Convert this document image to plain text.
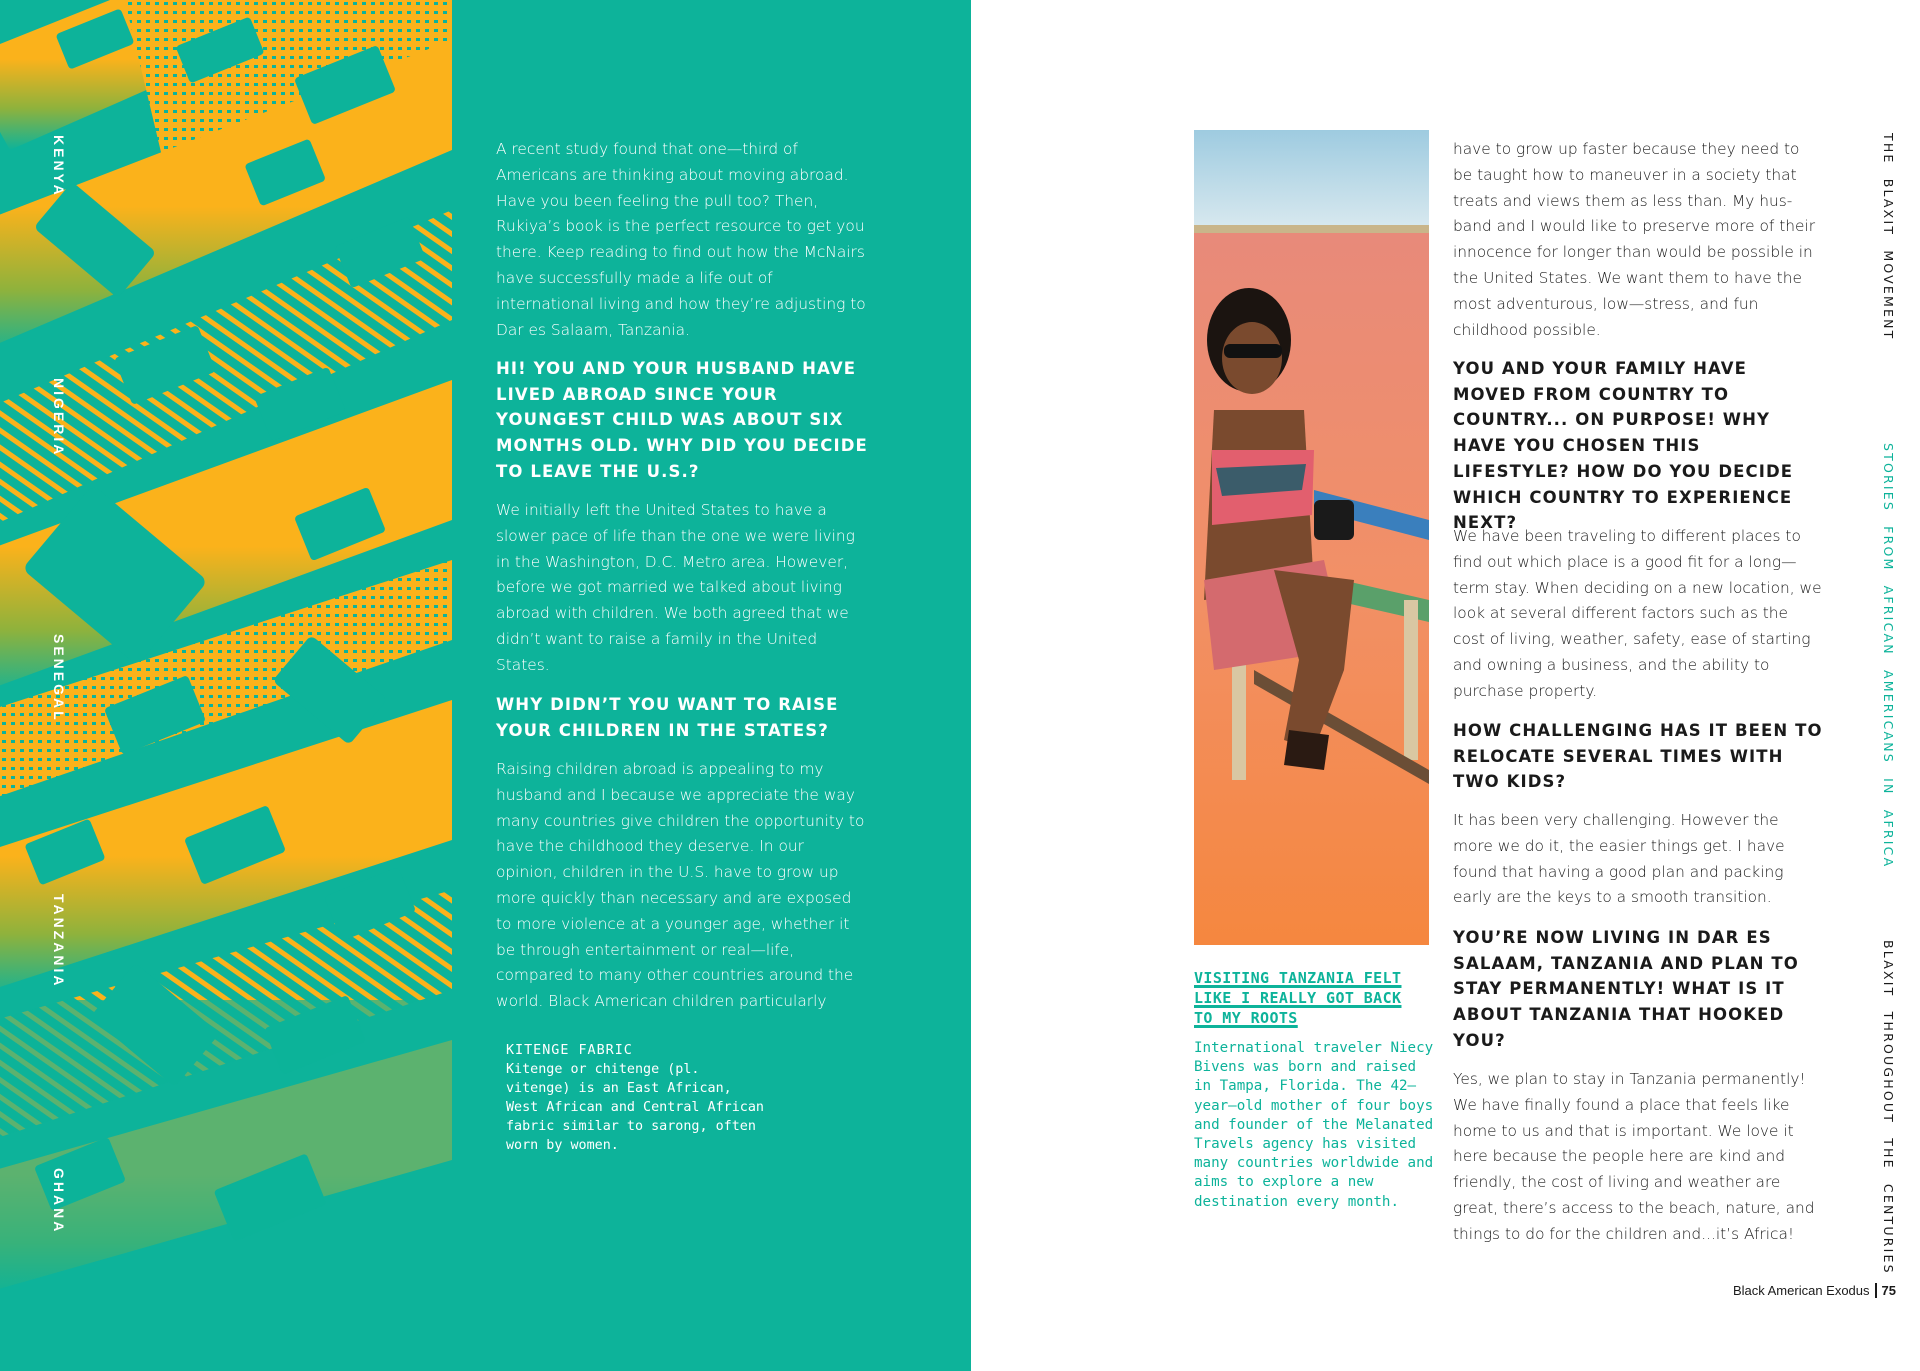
KENYA
NIGERIA
SENEGAL
TANZANIA
GHANA

A recent study found that one—third of Americans are thinking about moving abroad. Have you been feeling the pull too? Then, Rukiya’s book is the perfect resource to get you there. Keep reading to find out how the McNairs have successfully made a life out of international living and how they’re adjusting to Dar es Salaam, Tanzania.

HI! YOU AND YOUR HUSBAND HAVE LIVED ABROAD SINCE YOUR YOUNGEST CHILD WAS ABOUT SIX MONTHS OLD. WHY DID YOU DECIDE TO LEAVE THE U.S.?

We initially left the United States to have a slower pace of life than the one we were living in the Washington, D.C. Metro area. However, before we got married we talked about living abroad with children. We both agreed that we didn’t want to raise a family in the United States.

WHY DIDN’T YOU WANT TO RAISE YOUR CHILDREN IN THE STATES?

Raising children abroad is appealing to my husband and I because we appreciate the way many countries give children the opportunity to have the childhood they deserve. In our opinion, children in the U.S. have to grow up more quickly than necessary and are exposed to more violence at a younger age, whether it be through entertainment or real—life, compared to many other countries around the world. Black American children particularly

KITENGE FABRIC
Kitenge or chitenge (pl. vitenge) is an East African, West African and Central African fabric similar to sarong, often worn by women.
VISITING TANZANIA FELT LIKE I REALLY GOT BACK TO MY ROOTS

International traveler Niecy Bivens was born and raised in Tampa, Florida. The 42—year—old mother of four boys and founder of the Melanated Travels agency has visited many countries worldwide and aims to explore a new destination every month.

have to grow up faster because they need to be taught how to maneuver in a society that treats and views them as less than. My hus-band and I would like to preserve more of their innocence for longer than would be possible in the United States. We want them to have the most adventurous, low—stress, and fun childhood possible.

YOU AND YOUR FAMILY HAVE MOVED FROM COUNTRY TO COUNTRY... ON PURPOSE! WHY HAVE YOU CHOSEN THIS LIFESTYLE? HOW DO YOU DECIDE WHICH COUNTRY TO EXPERIENCE NEXT?

We have been traveling to different places to find out which place is a good fit for a long—term stay. When deciding on a new location, we look at several different factors such as the cost of living, weather, safety, ease of starting and owning a business, and the ability to purchase property.

HOW CHALLENGING HAS IT BEEN TO RELOCATE SEVERAL TIMES WITH TWO KIDS?

It has been very challenging. However the more we do it, the easier things get. I have found that having a good plan and packing early are the keys to a smooth transition.

YOU’RE NOW LIVING IN DAR ES SALAAM, TANZANIA AND PLAN TO STAY PERMANENTLY! WHAT IS IT ABOUT TANZANIA THAT HOOKED YOU?

Yes, we plan to stay in Tanzania permanently! We have finally found a place that feels like home to us and that is important. We love it here because the people here are kind and friendly, the cost of living and weather are great, there’s access to the beach, nature, and things to do for the children and...it’s Africa!

THE BLAXIT MOVEMENT
STORIES FROM AFRICAN AMERICANS IN AFRICA
BLAXIT THROUGHOUT THE CENTURIES
Black American Exodus 75
